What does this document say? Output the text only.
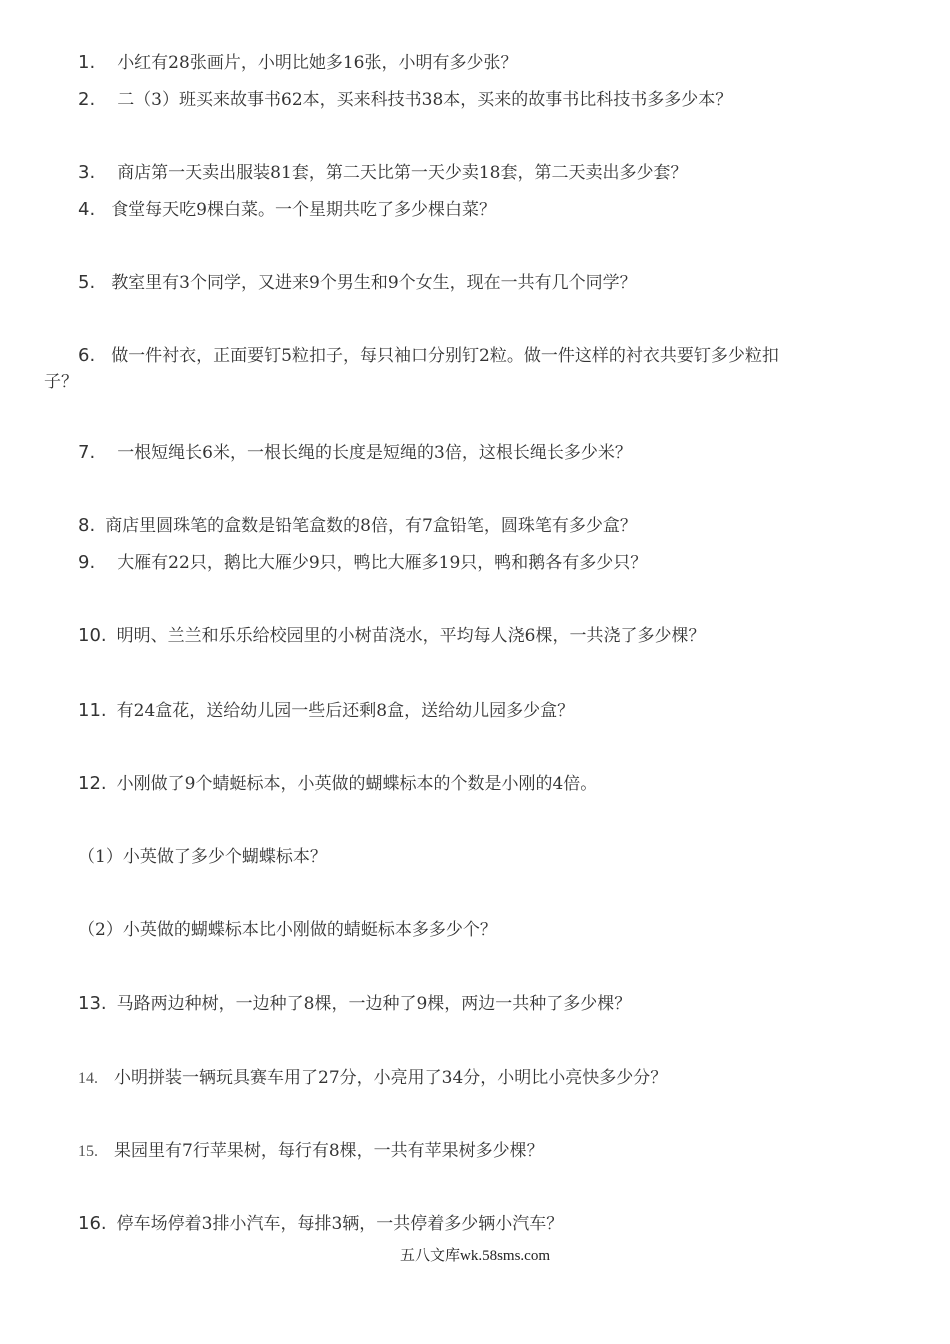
1. 小红有28张画片，小明比她多16张，小明有多少张？
2. 二（3）班买来故事书62本，买来科技书38本，买来的故事书比科技书多多少本？
3. 商店第一天卖出服装81套，第二天比第一天少卖18套，第二天卖出多少套？
4. 食堂每天吃9棵白菜。一个星期共吃了多少棵白菜？
5. 教室里有3个同学，又进来9个男生和9个女生，现在一共有几个同学？
6. 做一件衬衣，正面要钉5粒扣子，每只袖口分别钉2粒。做一件这样的衬衣共要钉多少粒扣
子？
7. 一根短绳长6米，一根长绳的长度是短绳的3倍，这根长绳长多少米？
8. 商店里圆珠笔的盒数是铅笔盒数的8倍，有7盒铅笔，圆珠笔有多少盒？
9. 大雁有22只，鹅比大雁少9只，鸭比大雁多19只，鸭和鹅各有多少只？
10. 明明、兰兰和乐乐给校园里的小树苗浇水，平均每人浇6棵，一共浇了多少棵？
11. 有24盒花，送给幼儿园一些后还剩8盒，送给幼儿园多少盒？
12. 小刚做了9个蜻蜓标本，小英做的蝴蝶标本的个数是小刚的4倍。
（1）小英做了多少个蝴蝶标本？
（2）小英做的蝴蝶标本比小刚做的蜻蜓标本多多少个？
13. 马路两边种树，一边种了8棵，一边种了9棵，两边一共种了多少棵？
14. 小明拼装一辆玩具赛车用了27分，小亮用了34分，小明比小亮快多少分？
15. 果园里有7行苹果树，每行有8棵，一共有苹果树多少棵？
16. 停车场停着3排小汽车，每排3辆，一共停着多少辆小汽车？
五八文库wk.58sms.com
